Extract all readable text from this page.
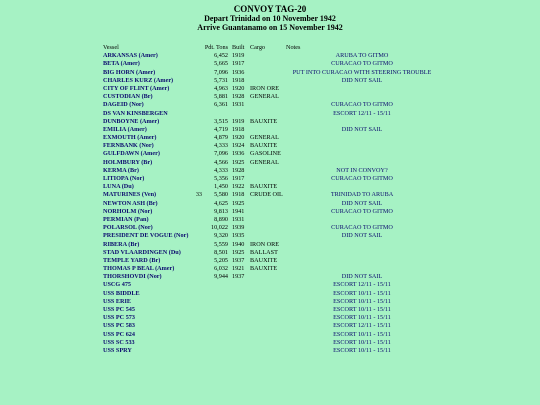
CONVOY TAG-20
Depart Trinidad on 10 November 1942
Arrive Guantanamo on 15 November 1942
Vessel	Pdt. Tons Built Cargo	Notes
ARKANSAS (Amer)	6,452 1919	ARUBA TO GITMO
BETA (Amer)	5,665 1917	CURACAO TO GITMO
BIG HORN (Amer)	7,096 1936	PUT INTO CURACAO WITH STEERING TROUBLE
CHARLES KURZ (Amer)	5,731 1918	DID NOT SAIL
CITY OF FLINT (Amer)	4,963 1920 IRON ORE
CUSTODIAN (Br)	5,881 1928 GENERAL
DAGEID (Nor)	6,361 1931	CURACAO TO GITMO
DS VAN KINSBERGEN	ESCORT 12/11 - 15/11
DUNBOYNE (Amer)	3,515 1919 BAUXITE
EMILIA (Amer)	4,719 1918	DID NOT SAIL
EXMOUTH (Amer)	4,879 1920 GENERAL
FERNBANK (Nor)	4,333 1924 BAUXITE
GULFDAWN (Amer)	7,096 1936 GASOLINE
HOLMBURY (Br)	4,566 1925 GENERAL
KERMA (Br)	4,333 1928	NOT IN CONVOY?
LITIOPA (Nor)	5,356 1917	CURACAO TO GITMO
LUNA (Du)	1,450 1922 BAUXITE
MATURINES (Ven)	33	5,580 1918 CRUDE OIL	TRINIDAD TO ARUBA
NEWTON ASH (Br)	4,625 1925	DID NOT SAIL
NORHOLM (Nor)	9,813 1941	CURACAO TO GITMO
PERMIAN (Pan)	8,890 1931
POLARSOL (Nor)	10,022 1939	CURACAO TO GITMO
PRESIDENT DE VOGUE (Nor)	9,320 1935	DID NOT SAIL
RIBERA (Br)	5,559 1940 IRON ORE
STAD VLAARDINGEN (Du)	8,501 1925 BALLAST
TEMPLE YARD (Br)	5,205 1937 BAUXITE
THOMAS P BEAL (Amer)	6,032 1921 BAUXITE
THORSHOVDI (Nor)	9,944 1937	DID NOT SAIL
USCG 475	ESCORT 12/11 - 15/11
USS BIDDLE	ESCORT 10/11 - 15/11
USS ERIE	ESCORT 10/11 - 15/11
USS PC 545	ESCORT 10/11 - 15/11
USS PC 573	ESCORT 10/11 - 15/11
USS PC 583	ESCORT 12/11 - 15/11
USS PC 624	ESCORT 10/11 - 15/11
USS SC 533	ESCORT 10/11 - 15/11
USS SPRY	ESCORT 10/11 - 15/11
